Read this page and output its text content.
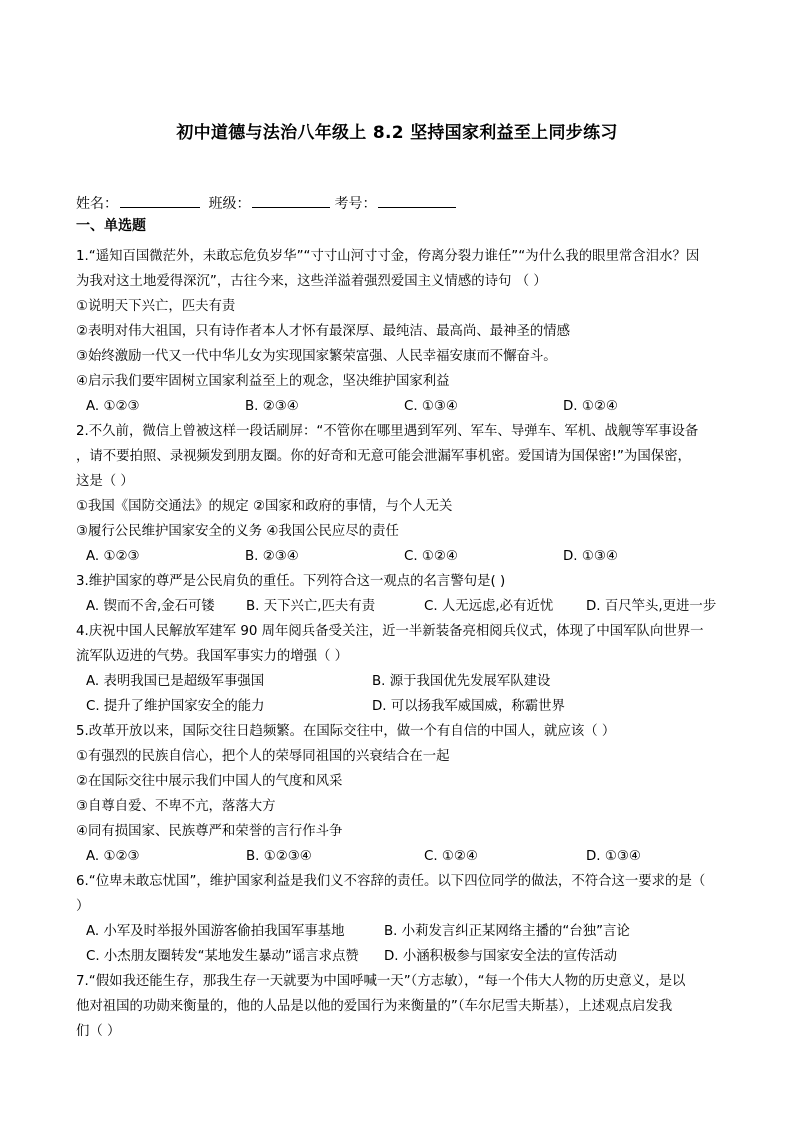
初中道德与法治八年级上 8.2 坚持国家利益至上同步练习
姓名：	班级：	考号：
一、单选题
1.“遥知百国微茫外，未敢忘危负岁华”“寸寸山河寸寸金，侉离分裂力谁任”“为什么我的眼里常含泪水？因
为我对这土地爱得深沉”，古往今来，这些洋溢着强烈爱国主义情感的诗句 （ ）
①说明天下兴亡，匹夫有责
②表明对伟大祖国，只有诗作者本人才怀有最深厚、最纯洁、最高尚、最神圣的情感
③始终激励一代又一代中华儿女为实现国家繁荣富强、人民幸福安康而不懈奋斗。
④启示我们要牢固树立国家利益至上的观念，坚决维护国家利益
A. ①②③	B. ②③④	C. ①③④	D. ①②④
2.不久前，微信上曾被这样一段话刷屏：“不管你在哪里遇到军列、军车、导弹车、军机、战舰等军事设备
，请不要拍照、录视频发到朋友圈。你的好奇和无意可能会泄漏军事机密。爱国请为国保密!”为国保密，
这是（ ）
①我国《国防交通法》的规定 ②国家和政府的事情，与个人无关
③履行公民维护国家安全的义务 ④我国公民应尽的责任
A. ①②③	B. ②③④	C. ①②④	D. ①③④
3.维护国家的尊严是公民肩负的重任。下列符合这一观点的名言警句是( )
A. 锲而不舍,金石可镂	B. 天下兴亡,匹夫有责	C. 人无远虑,必有近忧	D. 百尺竿头,更进一步
4.庆祝中国人民解放军建军 90 周年阅兵备受关注，近一半新装备亮相阅兵仪式，体现了中国军队向世界一
流军队迈进的气势。我国军事实力的增强（ ）
A. 表明我国已是超级军事强国	B. 源于我国优先发展军队建设
C. 提升了维护国家安全的能力	D. 可以扬我军威国威，称霸世界
5.改革开放以来，国际交往日趋频繁。在国际交往中，做一个有自信的中国人，就应该（ ）
①有强烈的民族自信心，把个人的荣辱同祖国的兴衰结合在一起
②在国际交往中展示我们中国人的气度和风采
③自尊自爱、不卑不亢，落落大方
④同有损国家、民族尊严和荣誉的言行作斗争
A. ①②③	B. ①②③④	C. ①②④	D. ①③④
6.“位卑未敢忘忧国”，维护国家利益是我们义不容辞的责任。以下四位同学的做法，不符合这一要求的是（
）
A. 小军及时举报外国游客偷拍我国军事基地	B. 小莉发言纠正某网络主播的“台独”言论
C. 小杰朋友圈转发“某地发生暴动”谣言求点赞	D. 小涵积极参与国家安全法的宣传活动
7.“假如我还能生存，那我生存一天就要为中国呼喊一天”（方志敏），“每一个伟大人物的历史意义，是以
他对祖国的功勋来衡量的，他的人品是以他的爱国行为来衡量的”（车尔尼雪夫斯基），上述观点启发我
们（ ）
